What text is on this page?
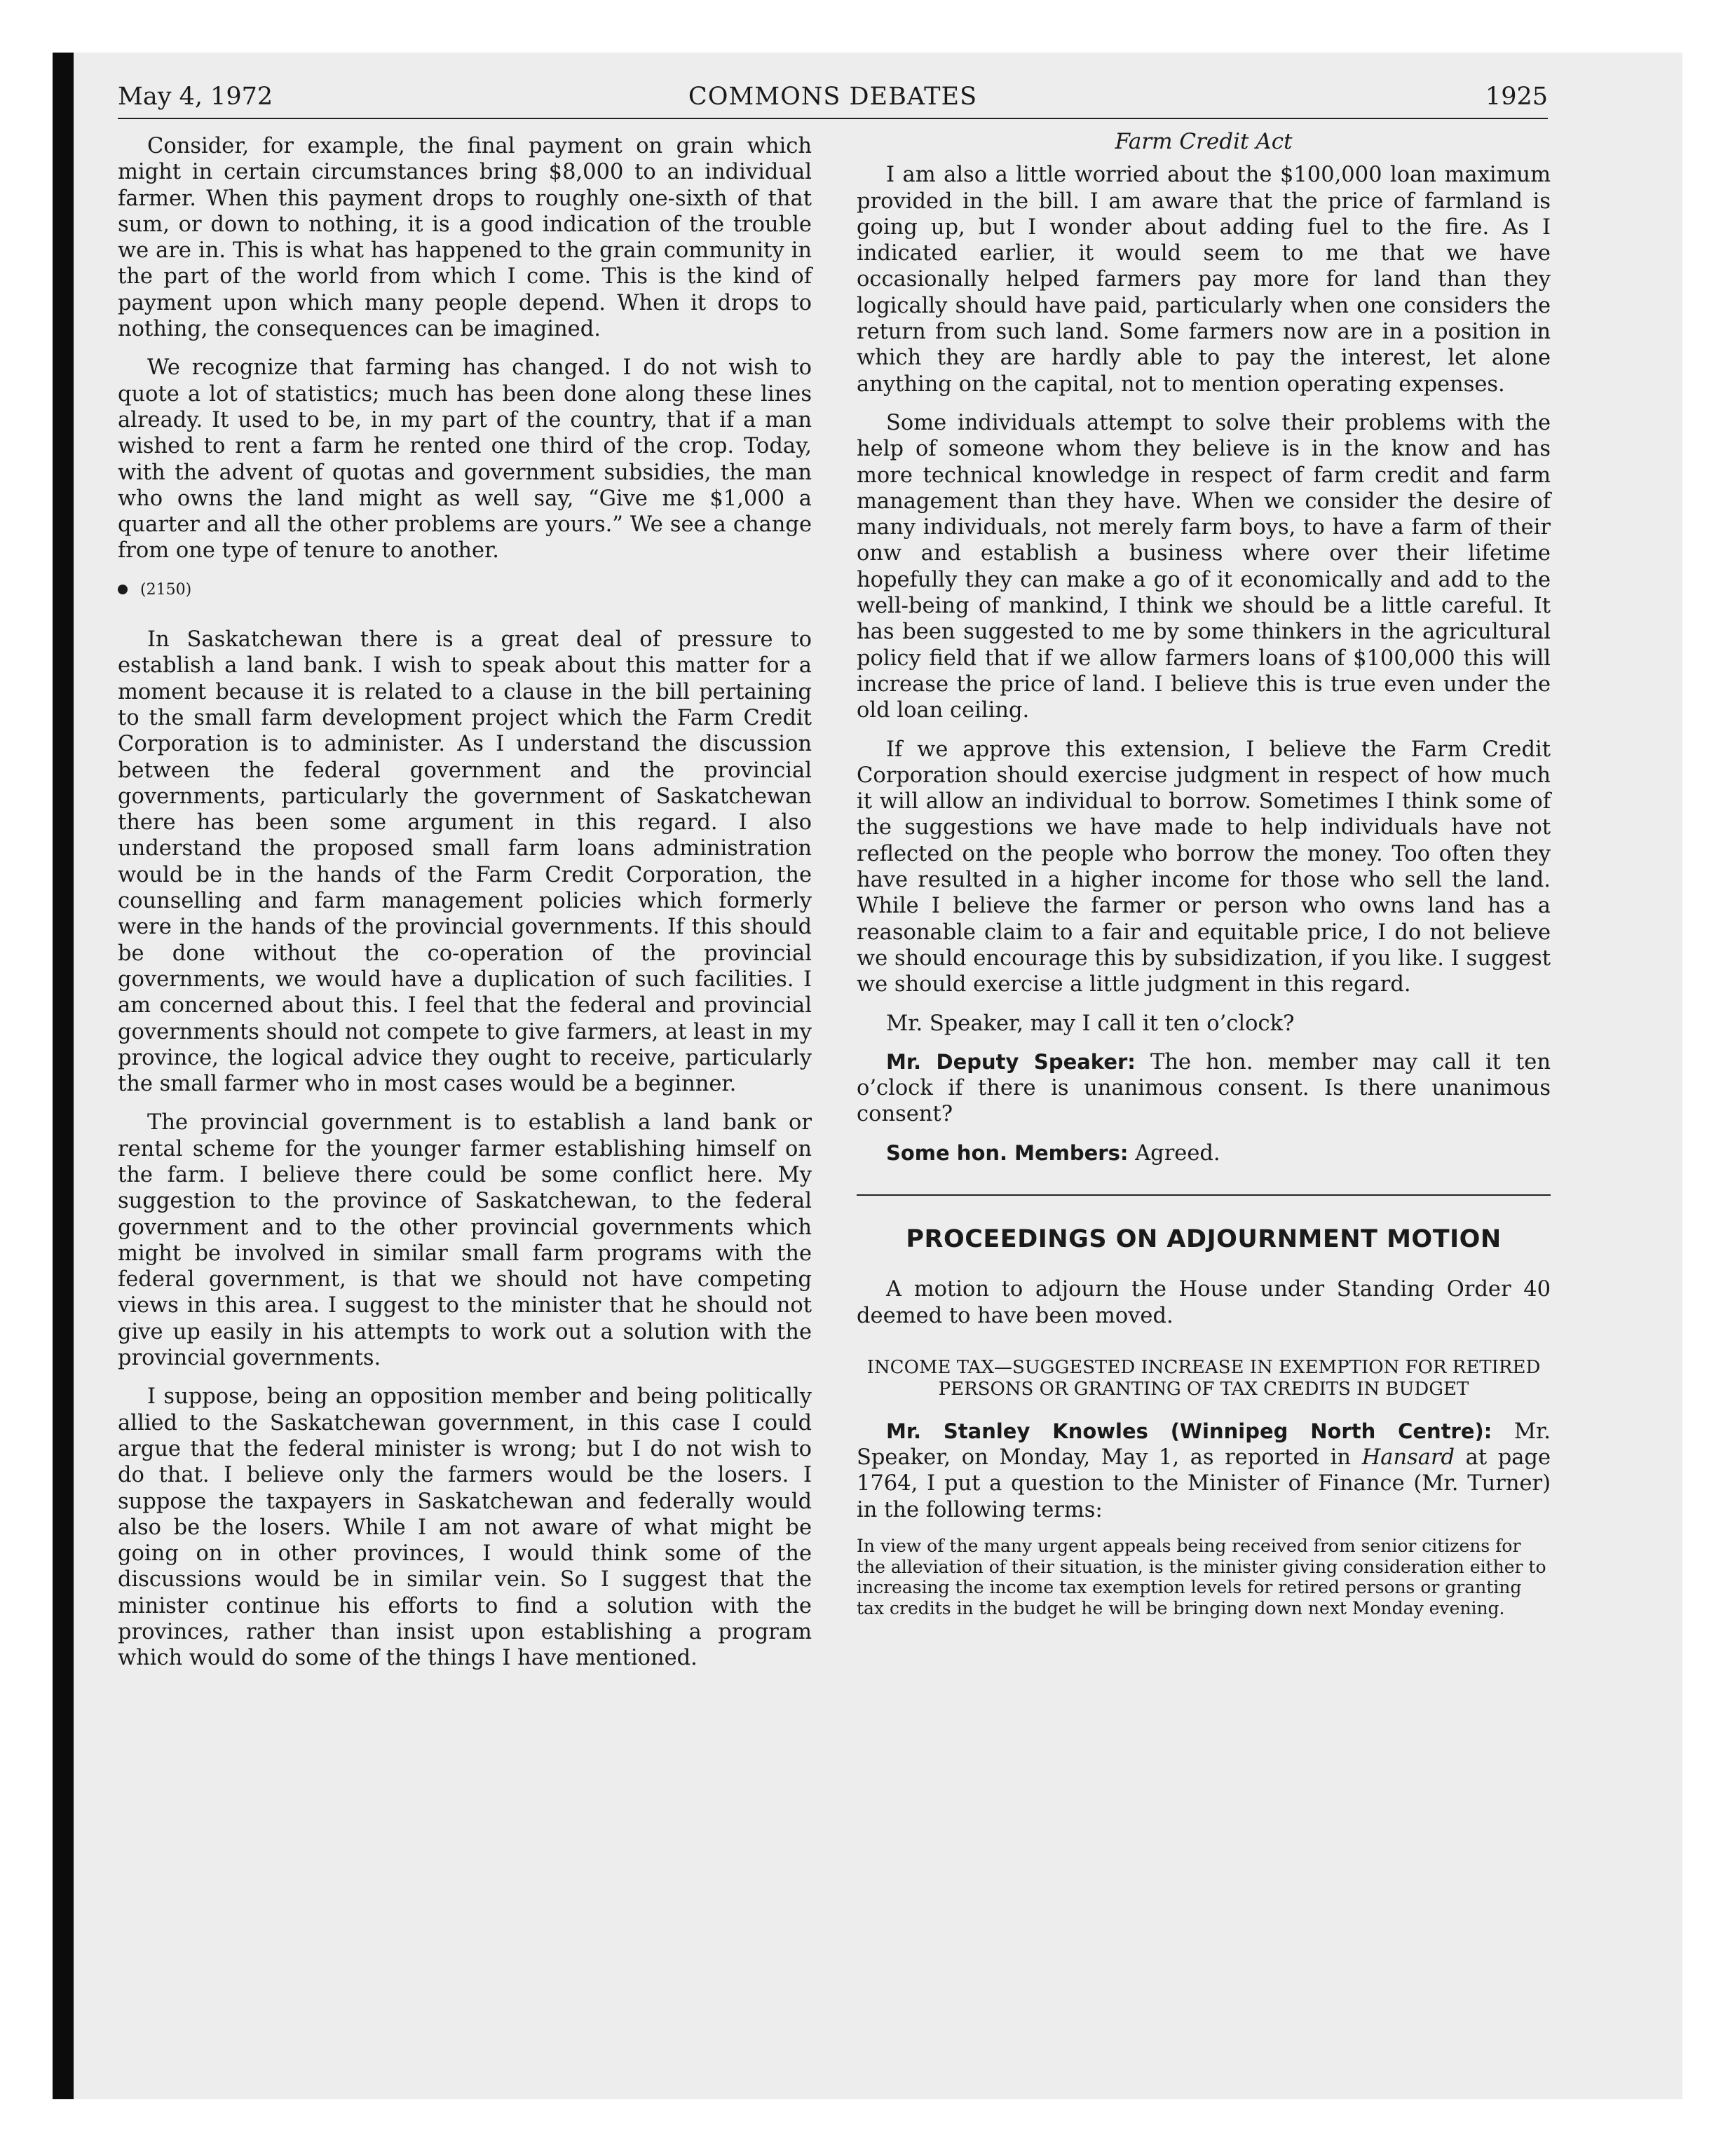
May 4, 1972	COMMONS DEBATES	1925

Consider, for example, the final payment on grain which might in certain circumstances bring $8,000 to an individual farmer. When this payment drops to roughly one-sixth of that sum, or down to nothing, it is a good indication of the trouble we are in. This is what has happened to the grain community in the part of the world from which I come. This is the kind of payment upon which many people depend. When it drops to nothing, the consequences can be imagined.

We recognize that farming has changed. I do not wish to quote a lot of statistics; much has been done along these lines already. It used to be, in my part of the country, that if a man wished to rent a farm he rented one third of the crop. Today, with the advent of quotas and government subsidies, the man who owns the land might as well say, “Give me $1,000 a quarter and all the other problems are yours.” We see a change from one type of tenure to another.

(2150)

In Saskatchewan there is a great deal of pressure to establish a land bank. I wish to speak about this matter for a moment because it is related to a clause in the bill pertaining to the small farm development project which the Farm Credit Corporation is to administer. As I understand the discussion between the federal government and the provincial governments, particularly the government of Saskatchewan there has been some argument in this regard. I also understand the proposed small farm loans administration would be in the hands of the Farm Credit Corporation, the counselling and farm management policies which formerly were in the hands of the provincial governments. If this should be done without the co-operation of the provincial governments, we would have a duplication of such facilities. I am concerned about this. I feel that the federal and provincial governments should not compete to give farmers, at least in my province, the logical advice they ought to receive, particularly the small farmer who in most cases would be a beginner.

The provincial government is to establish a land bank or rental scheme for the younger farmer establishing himself on the farm. I believe there could be some conflict here. My suggestion to the province of Saskatchewan, to the federal government and to the other provincial governments which might be involved in similar small farm programs with the federal government, is that we should not have competing views in this area. I suggest to the minister that he should not give up easily in his attempts to work out a solution with the provincial governments.

I suppose, being an opposition member and being politically allied to the Saskatchewan government, in this case I could argue that the federal minister is wrong; but I do not wish to do that. I believe only the farmers would be the losers. I suppose the taxpayers in Saskatchewan and federally would also be the losers. While I am not aware of what might be going on in other provinces, I would think some of the discussions would be in similar vein. So I suggest that the minister continue his efforts to find a solution with the provinces, rather than insist upon establishing a program which would do some of the things I have mentioned.

Farm Credit Act

I am also a little worried about the $100,000 loan maximum provided in the bill. I am aware that the price of farmland is going up, but I wonder about adding fuel to the fire. As I indicated earlier, it would seem to me that we have occasionally helped farmers pay more for land than they logically should have paid, particularly when one considers the return from such land. Some farmers now are in a position in which they are hardly able to pay the interest, let alone anything on the capital, not to mention operating expenses.

Some individuals attempt to solve their problems with the help of someone whom they believe is in the know and has more technical knowledge in respect of farm credit and farm management than they have. When we consider the desire of many individuals, not merely farm boys, to have a farm of their onw and establish a business where over their lifetime hopefully they can make a go of it economically and add to the well-being of mankind, I think we should be a little careful. It has been suggested to me by some thinkers in the agricultural policy field that if we allow farmers loans of $100,000 this will increase the price of land. I believe this is true even under the old loan ceiling.

If we approve this extension, I believe the Farm Credit Corporation should exercise judgment in respect of how much it will allow an individual to borrow. Sometimes I think some of the suggestions we have made to help individuals have not reflected on the people who borrow the money. Too often they have resulted in a higher income for those who sell the land. While I believe the farmer or person who owns land has a reasonable claim to a fair and equitable price, I do not believe we should encourage this by subsidization, if you like. I suggest we should exercise a little judgment in this regard.

Mr. Speaker, may I call it ten o’clock?

Mr. Deputy Speaker: The hon. member may call it ten o’clock if there is unanimous consent. Is there unanimous consent?

Some hon. Members: Agreed.

PROCEEDINGS ON ADJOURNMENT MOTION

A motion to adjourn the House under Standing Order 40 deemed to have been moved.

INCOME TAX—SUGGESTED INCREASE IN EXEMPTION FOR RETIRED PERSONS OR GRANTING OF TAX CREDITS IN BUDGET

Mr. Stanley Knowles (Winnipeg North Centre): Mr. Speaker, on Monday, May 1, as reported in Hansard at page 1764, I put a question to the Minister of Finance (Mr. Turner) in the following terms:

In view of the many urgent appeals being received from senior citizens for the alleviation of their situation, is the minister giving consideration either to increasing the income tax exemption levels for retired persons or granting tax credits in the budget he will be bringing down next Monday evening.
